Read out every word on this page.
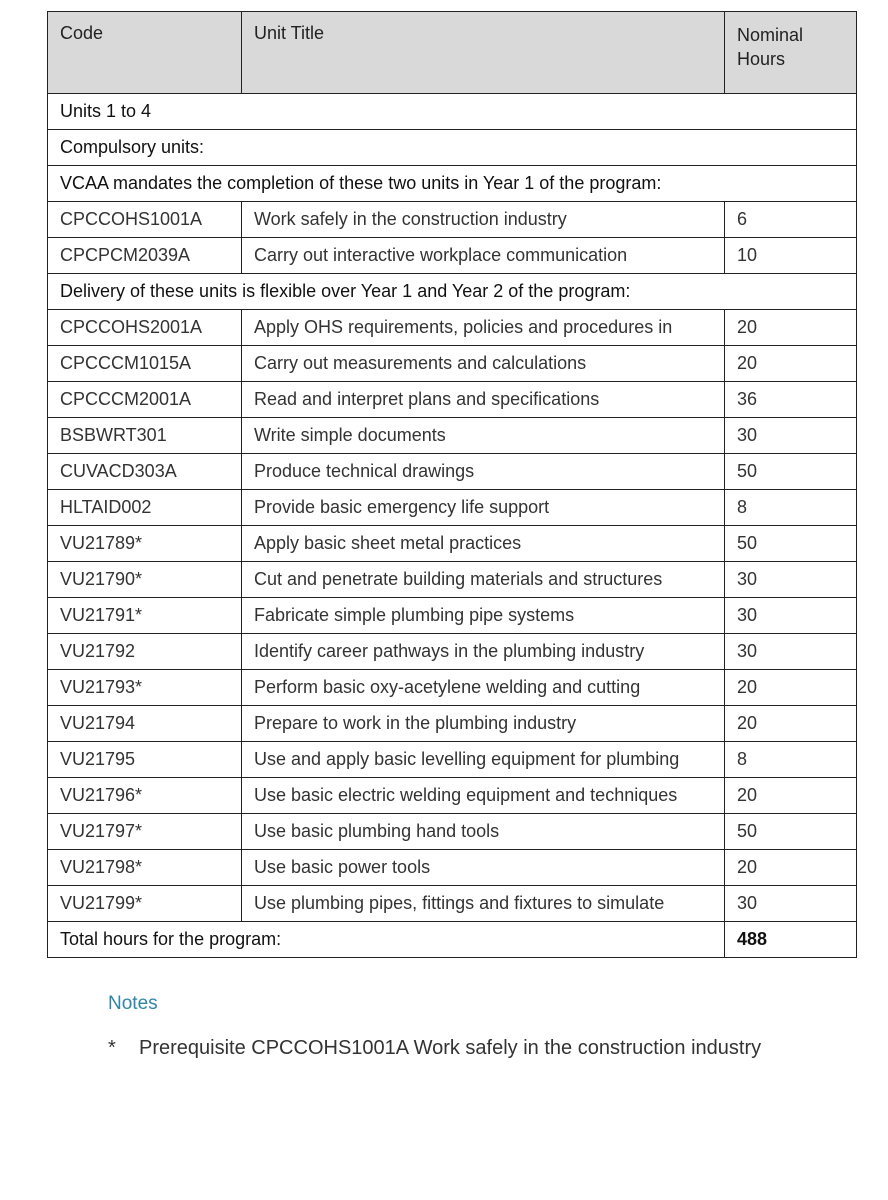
Code	Unit Title	Nominal Hours
Units 1 to 4		
Compulsory units:		
VCAA mandates the completion of these two units in Year 1 of the program:		
CPCCOHS1001A	Work safely in the construction industry	6
CPCPCM2039A	Carry out interactive workplace communication	10
Delivery of these units is flexible over Year 1 and Year 2 of the program:		
CPCCOHS2001A	Apply OHS requirements, policies and procedures in	20
CPCCCM1015A	Carry out measurements and calculations	20
CPCCCM2001A	Read and interpret plans and specifications	36
BSBWRT301	Write simple documents	30
CUVACD303A	Produce technical drawings	50
HLTAID002	Provide basic emergency life support	8
VU21789*	Apply basic sheet metal practices	50
VU21790*	Cut and penetrate building materials and structures	30
VU21791*	Fabricate simple plumbing pipe systems	30
VU21792	Identify career pathways in the plumbing industry	30
VU21793*	Perform basic oxy-acetylene welding and cutting	20
VU21794	Prepare to work in the plumbing industry	20
VU21795	Use and apply basic levelling equipment for plumbing	8
VU21796*	Use basic electric welding equipment and techniques	20
VU21797*	Use basic plumbing hand tools	50
VU21798*	Use basic power tools	20
VU21799*	Use plumbing pipes, fittings and fixtures to simulate	30
Total hours for the program:		488
Notes
* Prerequisite CPCCOHS1001A Work safely in the construction industry
